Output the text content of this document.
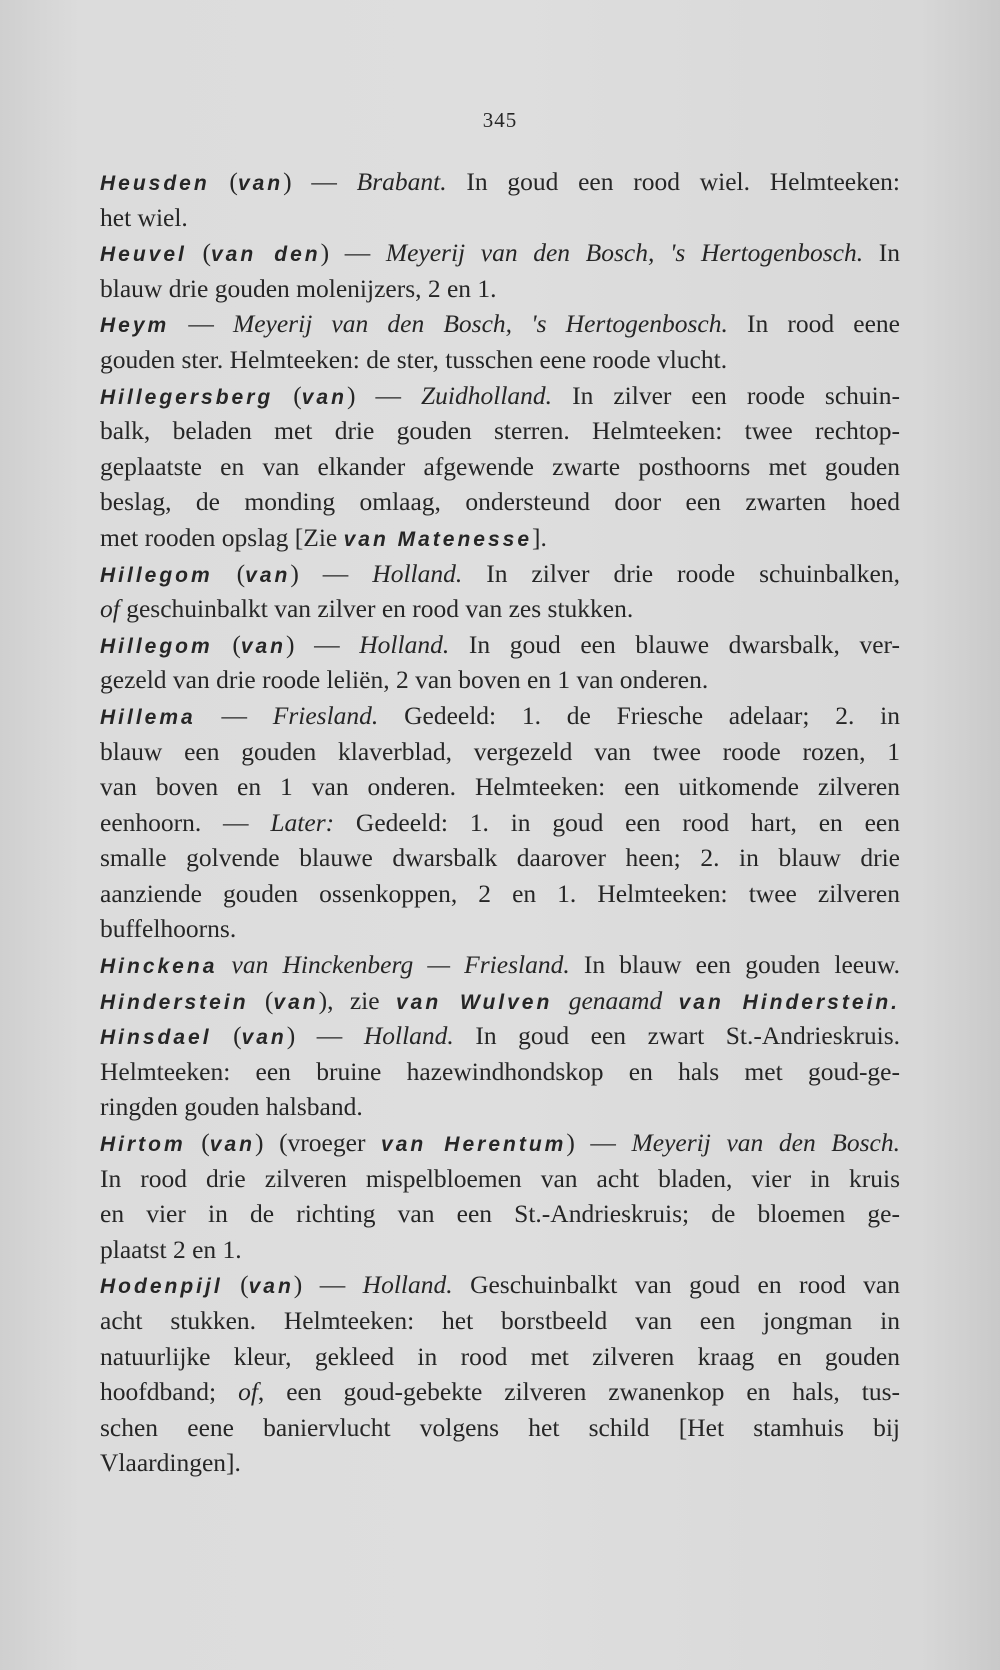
345
Heusden (van) — Brabant. In goud een rood wiel. Helmteeken:
het wiel.
Heuvel (van den) — Meyerij van den Bosch, 's Hertogenbosch. In
blauw drie gouden molenijzers, 2 en 1.
Heym — Meyerij van den Bosch, 's Hertogenbosch. In rood eene
gouden ster. Helmteeken: de ster, tusschen eene roode vlucht.
Hillegersberg (van) — Zuidholland. In zilver een roode schuin-
balk, beladen met drie gouden sterren. Helmteeken: twee rechtop-
geplaatste en van elkander afgewende zwarte posthoorns met gouden
beslag, de monding omlaag, ondersteund door een zwarten hoed
met rooden opslag [Zie van Matenesse].
Hillegom (van) — Holland. In zilver drie roode schuinbalken,
of geschuinbalkt van zilver en rood van zes stukken.
Hillegom (van) — Holland. In goud een blauwe dwarsbalk, ver-
gezeld van drie roode leliën, 2 van boven en 1 van onderen.
Hillema — Friesland. Gedeeld: 1. de Friesche adelaar; 2. in
blauw een gouden klaverblad, vergezeld van twee roode rozen, 1
van boven en 1 van onderen. Helmteeken: een uitkomende zilveren
eenhoorn. — Later: Gedeeld: 1. in goud een rood hart, en een
smalle golvende blauwe dwarsbalk daarover heen; 2. in blauw drie
aanziende gouden ossenkoppen, 2 en 1. Helmteeken: twee zilveren
buffelhoorns.
Hinckena van Hinckenberg — Friesland. In blauw een gouden leeuw.
Hinderstein (van), zie van Wulven genaamd van Hinderstein.
Hinsdael (van) — Holland. In goud een zwart St.-Andrieskruis.
Helmteeken: een bruine hazewindhondskop en hals met goud-ge-
ringden gouden halsband.
Hirtom (van) (vroeger van Herentum) — Meyerij van den Bosch.
In rood drie zilveren mispelbloemen van acht bladen, vier in kruis
en vier in de richting van een St.-Andrieskruis; de bloemen ge-
plaatst 2 en 1.
Hodenpijl (van) — Holland. Geschuinbalkt van goud en rood van
acht stukken. Helmteeken: het borstbeeld van een jongman in
natuurlijke kleur, gekleed in rood met zilveren kraag en gouden
hoofdband; of, een goud-gebekte zilveren zwanenkop en hals, tus-
schen eene baniervlucht volgens het schild [Het stamhuis bij
Vlaardingen].
